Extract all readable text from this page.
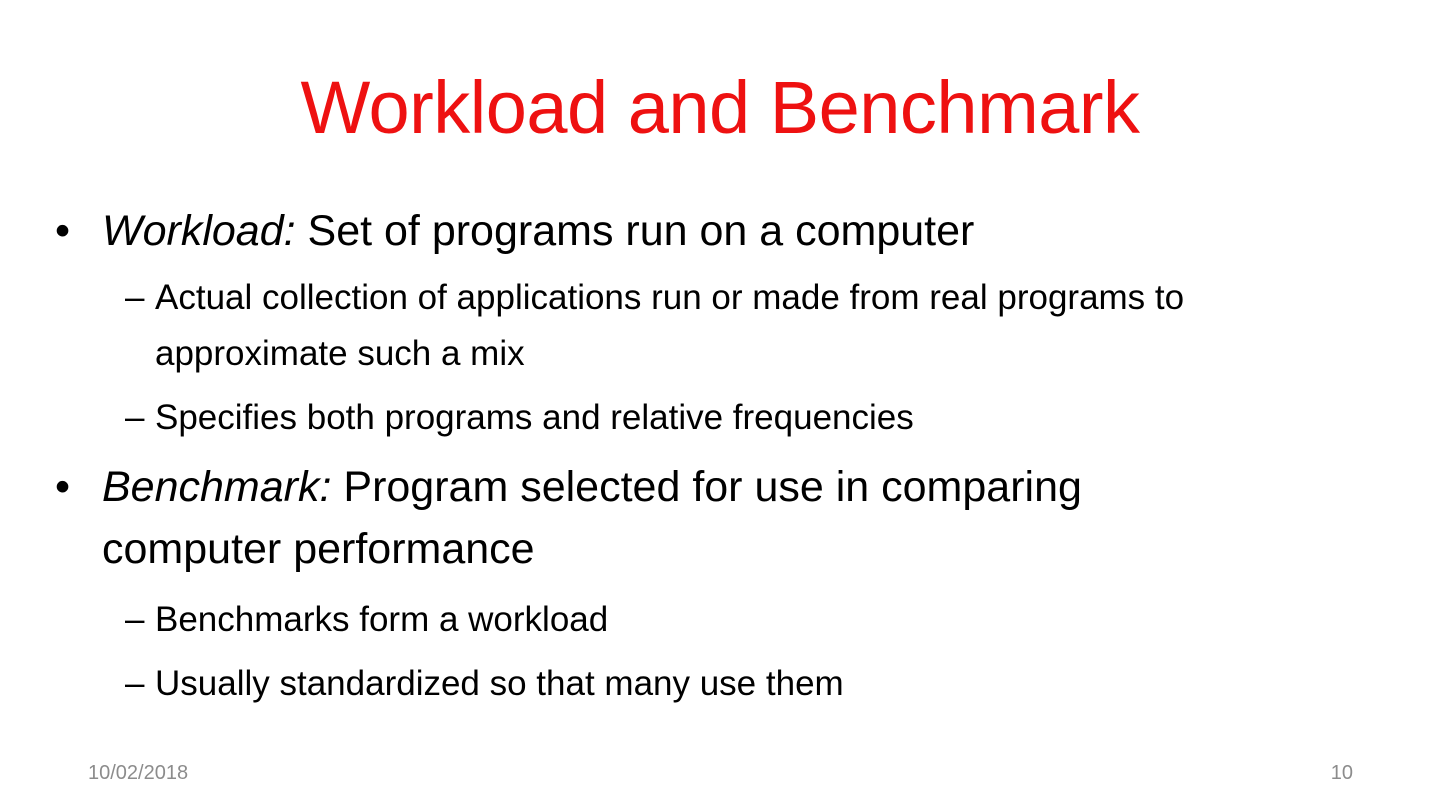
Workload and Benchmark
• Workload: Set of programs run on a computer
– Actual collection of applications run or made from real programs to approximate such a mix
– Specifies both programs and relative frequencies
• Benchmark: Program selected for use in comparing computer performance
– Benchmarks form a workload
– Usually standardized so that many use them
10/02/2018	10
